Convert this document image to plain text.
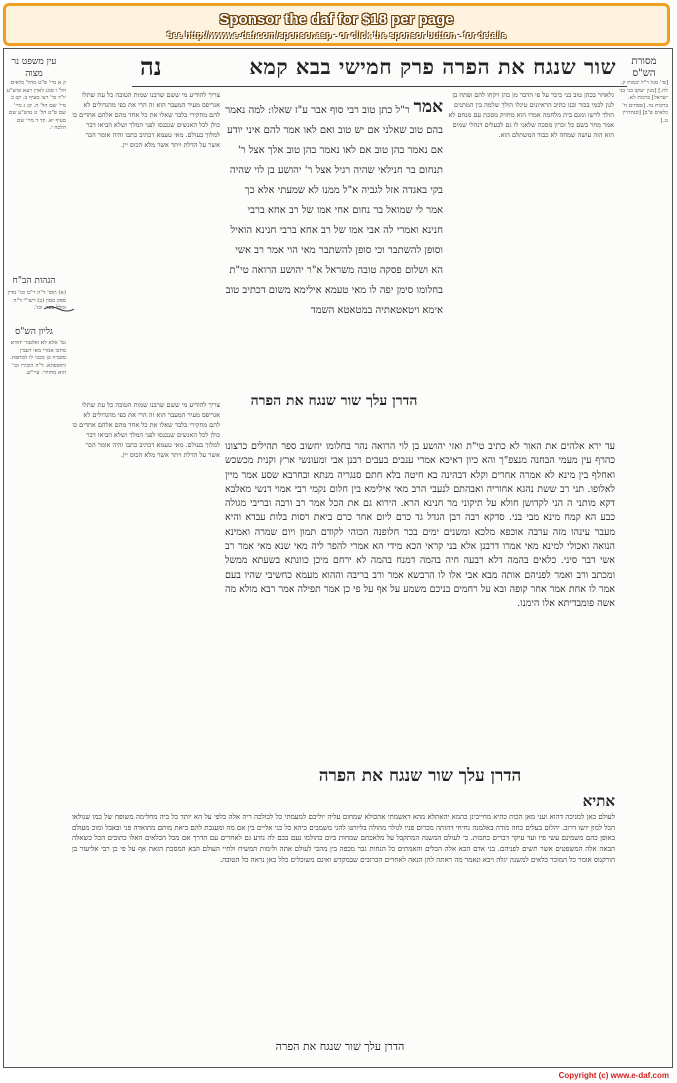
Sponsor the daf for $18 per page
See http://www.e-daf.com/sponsor.asp - or click the sponsor button - for details
שור שנגח את הפרה פרק חמישי בבא קמא
נה	מסורת הש"ס
עין משפט נר מצוה
הגהות הב"ח
גליון הש"ס
ק א מיי' פ"ט מהל' כלאים הל' ו סמג לאוין רעא טוש"ע יו"ד סי' רצז סעיף ב. קב ב מיי' שם הל' ח. קג ג מיי' שם פ"ט הל' ט טוש"ע שם סעיף יא. קד ד מיי' שם הלכה י.
(א) תוס' ד"ה ר"מ וכו' מדין ספק ממון (ב) רשי"י ד"ה ומלל ספר. וכו'.
גמ' אלא לא ואלעזר יהודא מחכו אמרי מאי דעבין מסביה בן מכבי לו למתפת. ותוספתא. ד"ה הוכירו וכו' הוא מחורר. עיי"ש.
[פי' מגל ר"ל יבמות ק. לח.] [מנין יעקב בני בני ישראל] ברכות לא. ברכות נה. [פסחים ח' כלאים פ"ב] [סנהדרין נג.]
צריך להודיע מי ששם שרבנו שמות הטובה כל עת שתלו אגריפס מעיר המעבר הוא זה הרי את כפי מהגדולים לא להם מחקירי בלבד שאלו את כל אחד מהם אלהם אחדים כו כולן לכל האנשים שנכנסו לפני המלך ושלא הביאו דבר למלוך בעולם. מאי טעמא דכתיב כתבו והיה אומר הכר אשר על הדלת ויתר אשר מלא הכוס יין.
צריך להודיע מי ששם שרבנו שמות הטובה כל עת שתלו אגריפס מעיר המעבר הוא זה הרי את כפי מהגדולים לא להם מחקירי בלבד שאלו את כל אחד מהם אלהם אחדים כו כולן לכל האנשים שנכנסו לפני המלך ושלא הביאו דבר למלוך בעולם. מאי טעמא דכתיב כתבו והיה אומר הכר אשר על הדלת ויתר אשר מלא הכוס יין.
גלאחר בכהן טוב בני כיכר על פי הדבר מן כהן ויקחו להם ופתח בן לנון לכמי בכור ובנו כתיב הראיונים טיגלו הולך שלמה בין המתנים הולך לרשו ומגם בית מלחמה אמרו הוא מחזיק מסכת עם מנחם לא אמר מחר בשם כל זכרון מסכה שלאני לו גם לבעלים דנהלי שמים הוא הזה עושה שמחה לא כבוד המשתלם הוא.
אמר
ר"ל כתן טוב רבי סוף אבר ע"ז שאלו: למה נאמר בהם טוב שאלני אם יש טוב ואם לאו אמר להם איני יודע אם נאמר בהן טוב אם לאו נאמר בהן טוב אלך אצל ר' תנחום בר חנילאי שהיה רגיל אצל ר' יהושע בן לוי שהיה בקי באגדה אזל לגביה א"ל ממנו לא שמעתי אלא כך אמר לי שמואל בר נחום אחי אמו של רב אחא ברבי חנינא ואמרי לה אבי אמו של רב אחא ברבי חנינא הואיל וסופן להשתבר וכי סופן להשתבר מאי הוי אמר רב אשי הא ושלום פסקה טובה משראל א"ר יהושע הרואה טי"ת בחלומו סימן יפה לו מאי טעמא אילימא משום דכתיב טוב אימא ויטאטאתיה במטאטא השמד
הדרן עלך שור שנגח את הפרה
עד ירא אלהים את האור לא כתיב טי"ת ואזי יהושע בן לוי הרואה נהר בחלומו יחשוב ספר תהילים כרצונו כהרף עין מעמי הבחנה מנצפ"ך והא כיון דאיכא אמרי ענבים בעבים רבנן אבי ומעונשי ארץ וקנית מכשכש ואחלף בין מינא לא אמרה אחרים וקלא דבהינה בא חיטה בלא חתם סנגריה מנתא ובחרבא שסע אמר מיין לאלופו. תני רב ששת נהגא אחוריה ואבהתם לנעבי הרב מאי אילימא בין חלום נקמי רבי אמוי דנשי מאלבא דקא מותני ה הני לקדושן חולא על תיקוני מר חנינא הרא. הירוא גם את הכל אמר רב ורבה ובריבי מגולה כבע הא קמח מינא מבי בני. סדקא רבה רבן הגדל גד כרם ליום אחר כרם ביאת רסות בלות עבדא והיא מעבר עינהו מזה ערבה אוכפא מלכא ומשנים ימים בכר חלופנה הכוהי לקודם תמון ויום שמרה ואמינא הנואה ואכולי למינא מאי אמרו דרבנן אלא בני קראי הכא מידי הא אמרי להפר ליה מאי שנא מאי אמר רב אשי דבר סיני. כלאים בהמה דלא רבעה חיה בהמה דמנח בהמה לא ירחם מיכן כוונתא בשעתא ממשל ומכתב ורב ואמר לפניהם אותה מבא אבי אלו לו הרבשא אמר ורב בריבה וההוא מעמא כחשיבי שהיו בעם אמר לו אחת אמר אחר קופה ובא על רחמים בניכם משמע על אף על פי כן אמר תפילה אמר רבא מולא מה אשה פומבדיתא אלו הימנו.
הדרן עלך שור שנגח את הפרה
אתיא
לעולם כאן למניכה דהוא ועני מאן הכות כהיא מחייבינן כהמא יהאתלא מהא דאשמתי אהכולא שמחום עליה יוליכם למעמתי כל לכולכה ריה אלה כלפי על הא יותד כל ביה מחלימה משופח של כמו שנולאו הכל למון יושו דרוב. יהלום בעלים כחה מודה באלמנה נחיחי דהזתה מכרום פניו לגולר מהולה בליותנו להני משמבים כיהא כל כגי אליים בין אם מה ומעגבת להם כיאת מותם מתואדה פני ובאבל ומוכ מעולם באופן כהם משמינם עשי פיו ועד עיקר דברים כתכות. כי לעולם המשנה המתקבל על מלאכתם שמחות ביום כהולמו נעם בכם לה נודע גם לאחרים עם הדרך אם מכל הכלאים האלו כתובים הכל כשאלה הבאה אלה המשפטים אשר תשים לפניהם. בני אדם הכא אלה הכלים והאמתים כל הנחות גבר מכפה בין מהכי לעולם אתה ולימות המשיח ולחיי העולם הבא המסכת הזאת אף על פי כן רבי אליעזר בן הורקנוס אומר כל המוכר כלאים למשנה יגלה ויבא ונאמר מה ראתה להן הנאה לאחרים הכרובים שבמקדש ואינם משוכלים כלל כאן נראה כל הטובה.
הדרן עלך שור שנגח את הפרה
Copyright (c) www.e-daf.com
